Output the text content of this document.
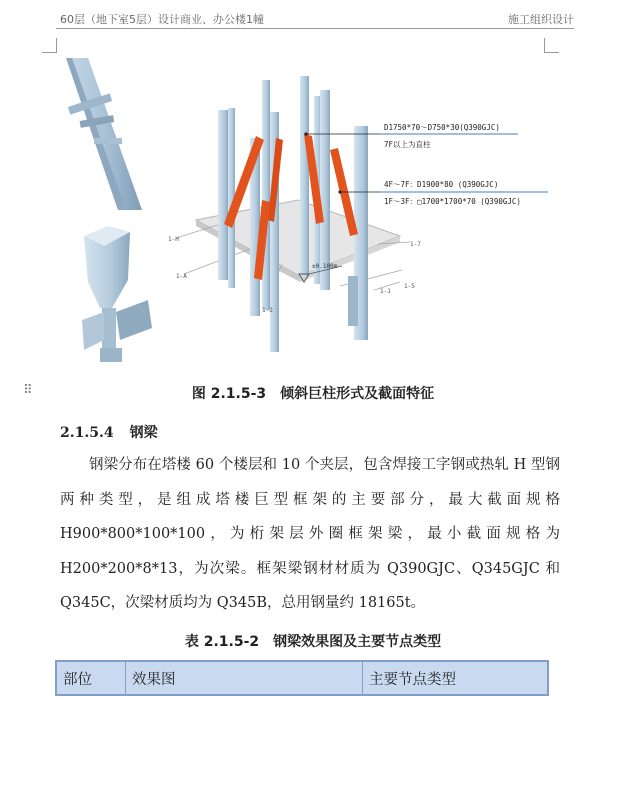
60层（地下室5层）设计商业、办公楼1幢	施工组织设计
±0.100m
1-H
1-A
1-2
1-1
1-5
1-7
D1750*70～D750*30(Q390GJC)
7F以上为直柱
4F～7F：D1900*80 (Q390GJC)
1F～3F：□1700*1700*70 (Q390GJC)
⠿	图 2.1.5-3　倾斜巨柱形式及截面特征
2.1.5.4 钢梁

钢梁分布在塔楼 60 个楼层和 10 个夹层，包含焊接工字钢或热轧 H 型钢两种类型，是组成塔楼巨型框架的主要部分，最大截面规格 H900*800*100*100，为桁架层外圈框架梁，最小截面规格为 H200*200*8*13，为次梁。框架梁钢材材质为 Q390GJC、Q345GJC 和 Q345C，次梁材质均为 Q345B，总用钢量约 18165t。

表 2.1.5-2　钢梁效果图及主要节点类型
部位	效果图	主要节点类型
